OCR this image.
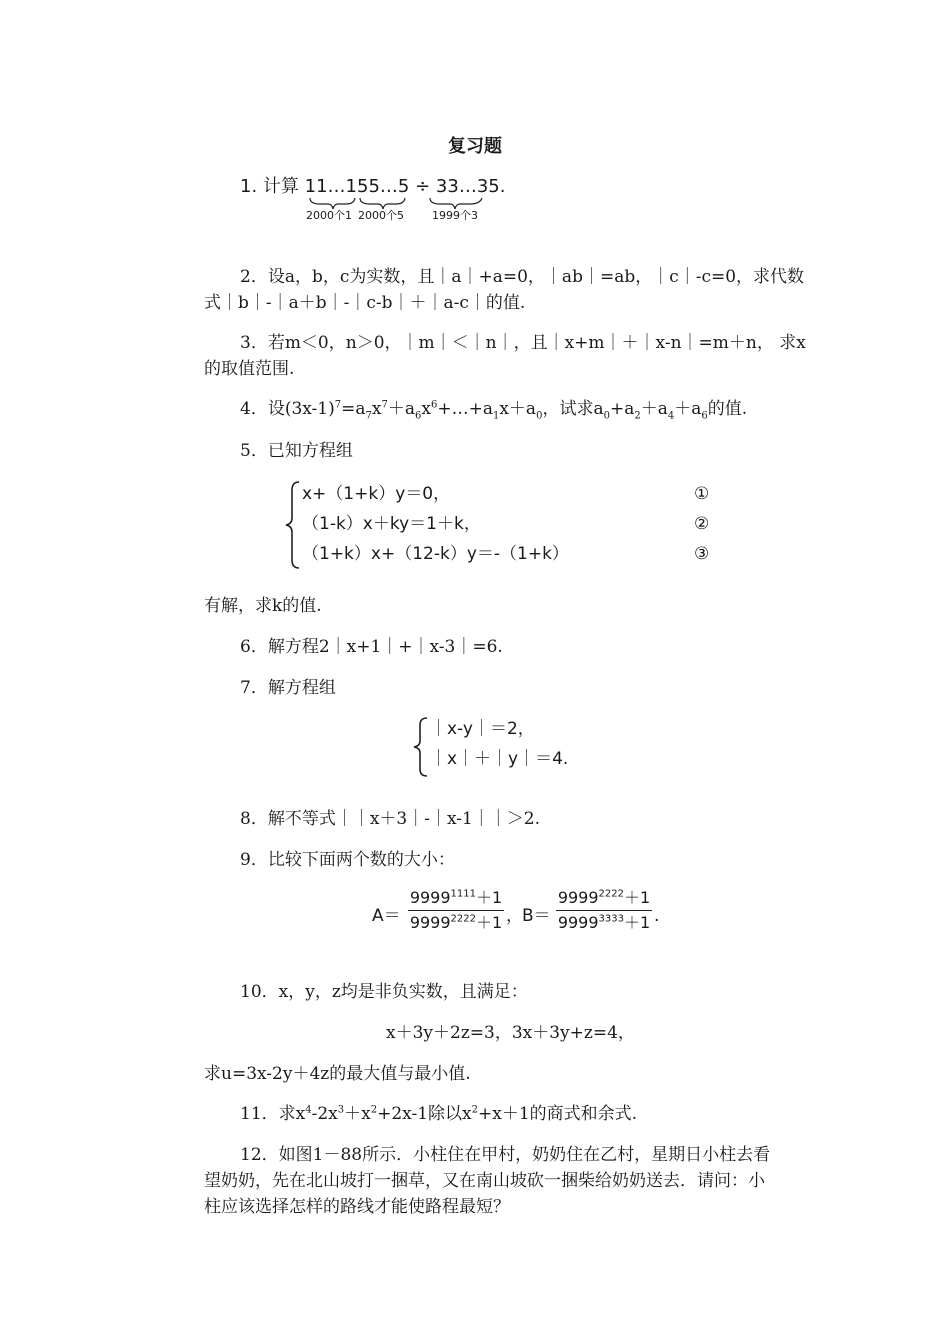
复习题
1. 计算 11…155…5 ÷ 33…35.
2000个1 2000个5	1999个3
2．设a，b，c为实数，且｜a｜+a=0，｜ab｜=ab，｜c｜-c=0，求代数
式｜b｜-｜a＋b｜-｜c-b｜＋｜a-c｜的值.
3．若m＜0，n＞0，｜m｜＜｜n｜，且｜x+m｜＋｜x-n｜=m＋n， 求x
的取值范围.
4．设$(3x-1)^7=a_7x^7+a_6x^6+\dots+a_1x+a_0$，试求$a_0+a_2+a_4+a_6$的值.
5．已知方程组
x+（1+k）y＝0，
（1-k）x＋ky＝1＋k，
（1+k）x+（12-k）y＝-（1+k）
①
②
③
有解，求k的值.
6．解方程2｜x+1｜+｜x-3｜=6.
7．解方程组
｜x-y｜＝2，
｜x｜＋｜y｜＝4.
8．解不等式｜｜x＋3｜-｜x-1｜｜＞2.
9．比较下面两个数的大小：
A＝
$9999^{1111}+1$
$9999^{2222}+1$ ， B＝
$9999^{2222}+1$
$9999^{3333}+1$ .
10．x，y，z均是非负实数，且满足：
x＋3y＋2z=3，3x＋3y+z=4，
求u=3x-2y＋4z的最大值与最小值.
11．求$x^4-2x^3+x^2+2x-1$除以$x^2+x+1$的商式和余式.
12．如图1－88所示．小柱住在甲村，奶奶住在乙村，星期日小柱去看
望奶奶，先在北山坡打一捆草，又在南山坡砍一捆柴给奶奶送去．请问：小
柱应该选择怎样的路线才能使路程最短？
